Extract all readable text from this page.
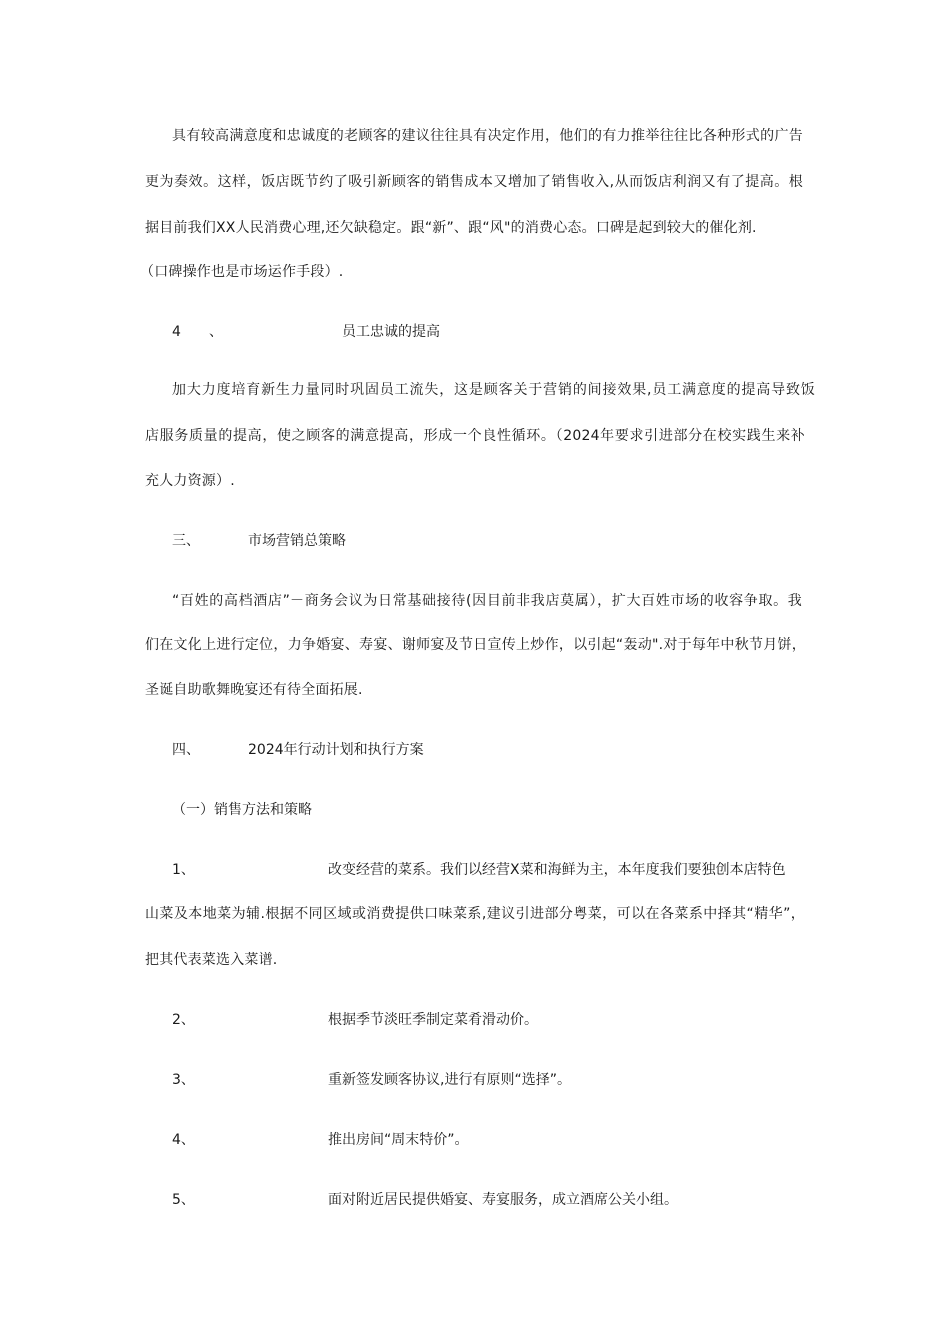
具有较高满意度和忠诚度的老顾客的建议往往具有决定作用，他们的有力推举往往比各种形式的广告
更为奏效。这样，饭店既节约了吸引新顾客的销售成本又增加了销售收入,从而饭店利润又有了提高。根
据目前我们XX人民消费心理,还欠缺稳定。跟“新”、跟“风"的消费心态。口碑是起到较大的催化剂.
（口碑操作也是市场运作手段）.
4 、	员工忠诚的提高
加大力度培育新生力量同时巩固员工流失，这是顾客关于营销的间接效果,员工满意度的提高导致饭
店服务质量的提高，使之顾客的满意提高，形成一个良性循环。（2024年要求引进部分在校实践生来补
充人力资源）.
三、	市场营销总策略
“百姓的高档酒店”－商务会议为日常基础接待(因目前非我店莫属），扩大百姓市场的收容争取。我
们在文化上进行定位，力争婚宴、寿宴、谢师宴及节日宣传上炒作，以引起“轰动".对于每年中秋节月饼，
圣诞自助歌舞晚宴还有待全面拓展.
四、	2024年行动计划和执行方案
（一）销售方法和策略
1、	改变经营的菜系。我们以经营X菜和海鲜为主，本年度我们要独创本店特色
山菜及本地菜为辅.根据不同区域或消费提供口味菜系,建议引进部分粤菜，可以在各菜系中择其“精华”，
把其代表菜选入菜谱.
2、	根据季节淡旺季制定菜肴滑动价。
3、	重新签发顾客协议,进行有原则“选择”。
4、	推出房间“周末特价”。
5、	面对附近居民提供婚宴、寿宴服务，成立酒席公关小组。
